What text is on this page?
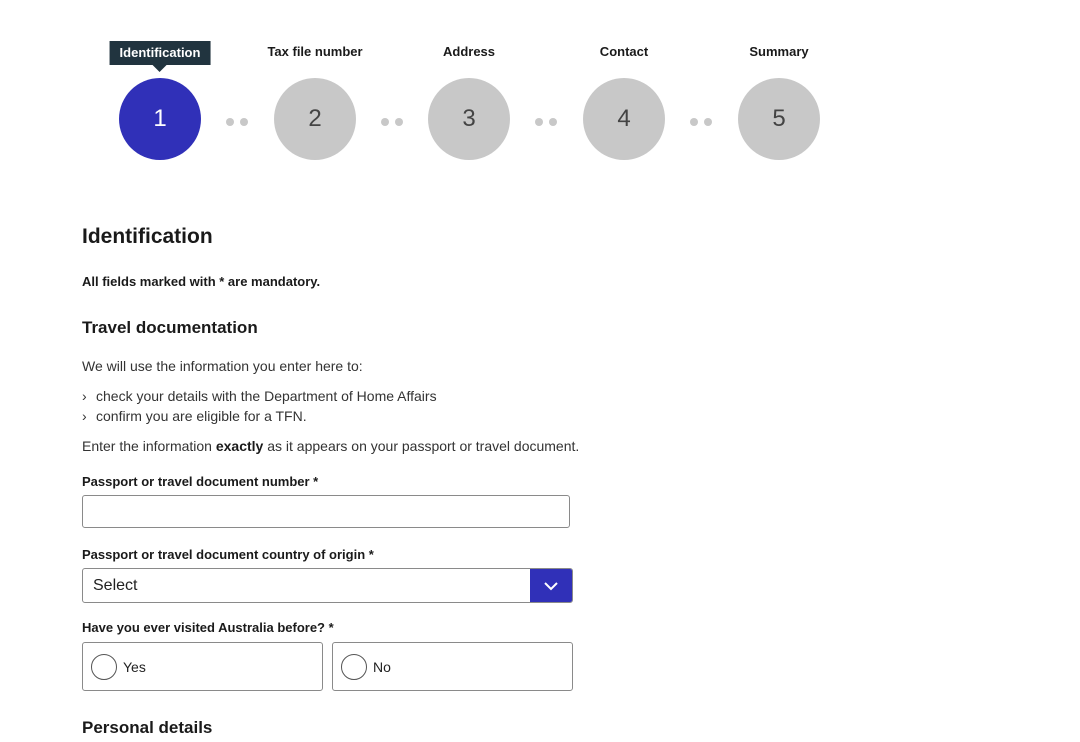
Identification	Tax file number	Address	Contact	Summary
1	2	3	4	5
Identification
All fields marked with * are mandatory.
Travel documentation
We will use the information you enter here to:
› check your details with the Department of Home Affairs
› confirm you are eligible for a TFN.
Enter the information exactly as it appears on your passport or travel document.
Passport or travel document number *
Passport or travel document country of origin *
Select
Have you ever visited Australia before? *
Yes	No
Personal details
